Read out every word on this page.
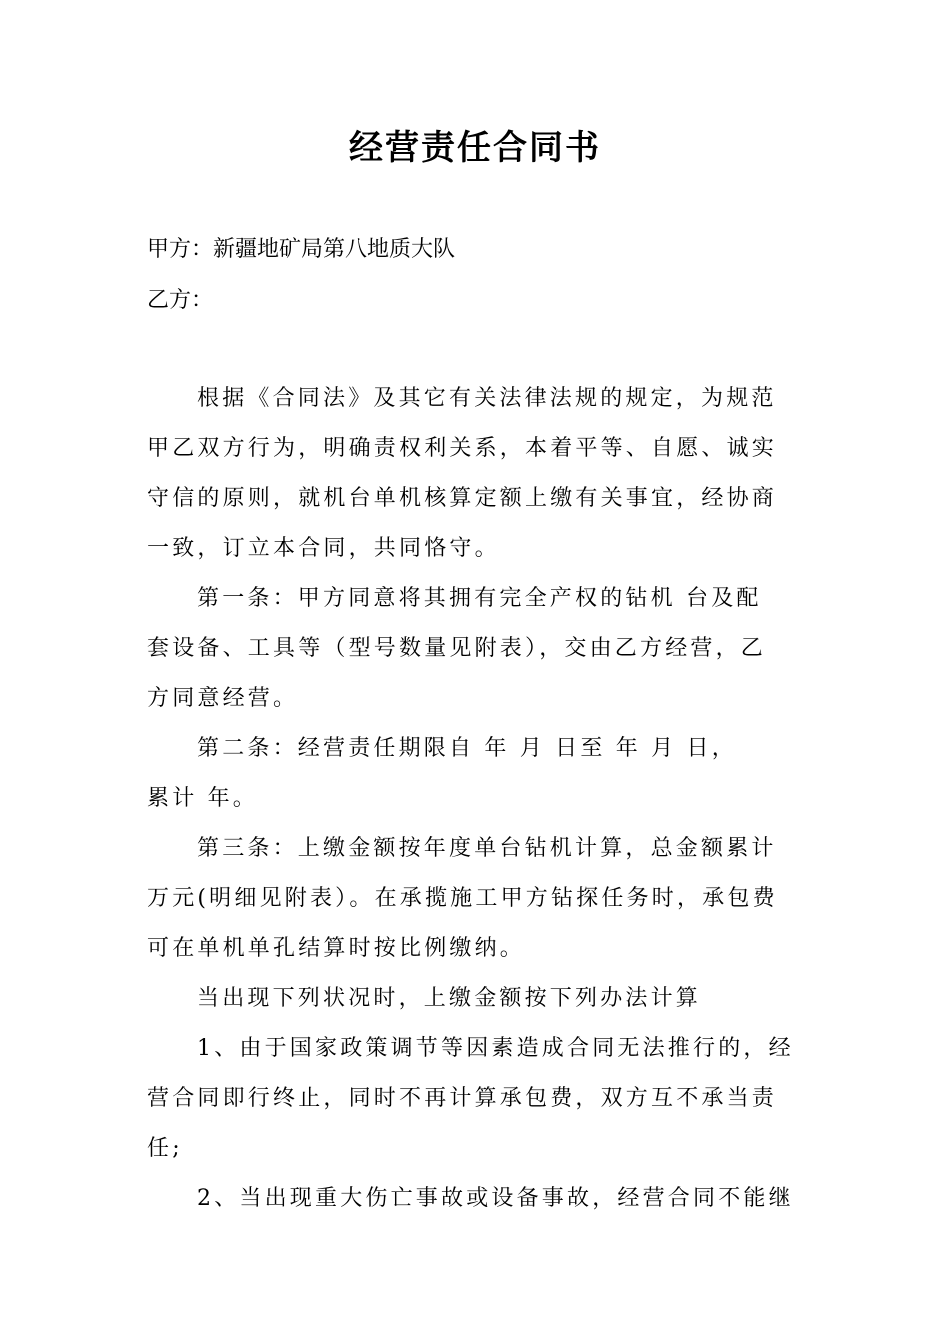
经营责任合同书
甲方：新疆地矿局第八地质大队
乙方：
根据《合同法》及其它有关法律法规的规定，为规范
甲乙双方行为，明确责权利关系，本着平等、自愿、诚实
守信的原则，就机台单机核算定额上缴有关事宜，经协商
一致，订立本合同，共同恪守。
第一条：甲方同意将其拥有完全产权的钻机 台及配
套设备、工具等（型号数量见附表），交由乙方经营，乙
方同意经营。
第二条：经营责任期限自 年 月 日至 年 月 日，
累计 年。
第三条：上缴金额按年度单台钻机计算，总金额累计
万元(明细见附表）。在承揽施工甲方钻探任务时，承包费
可在单机单孔结算时按比例缴纳。
当出现下列状况时，上缴金额按下列办法计算
1、由于国家政策调节等因素造成合同无法推行的，经
营合同即行终止，同时不再计算承包费，双方互不承当责
任;
2、当出现重大伤亡事故或设备事故，经营合同不能继
